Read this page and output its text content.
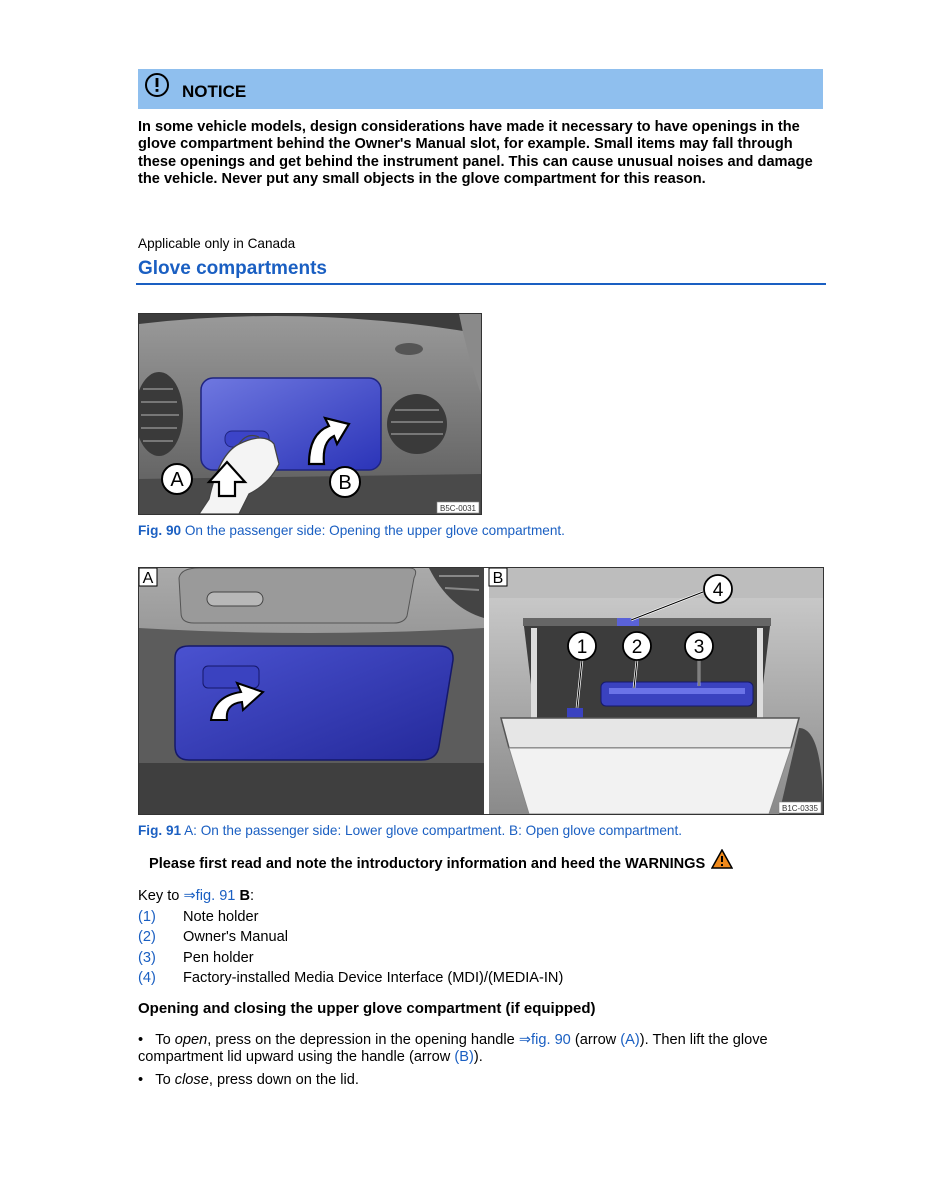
NOTICE
In some vehicle models, design considerations have made it necessary to have openings in the glove compartment behind the Owner's Manual slot, for example. Small items may fall through these openings and get behind the instrument panel. This can cause unusual noises and damage the vehicle. Never put any small objects in the glove compartment for this reason.
Applicable only in Canada
Glove compartments
A	B
B5C-0031
Fig. 90 On the passenger side: Opening the upper glove compartment.
A
1 2	3
4
B
B1C-0335
Fig. 91 A: On the passenger side: Lower glove compartment. B: Open glove compartment.
Please first read and note the introductory information and heed the WARNINGS
Key to ⇒fig. 91 B:
(1)	Note holder
(2)	Owner's Manual
(3)	Pen holder
(4)	Factory-installed Media Device Interface (MDI)/(MEDIA-IN)
Opening and closing the upper glove compartment (if equipped)
•   To open, press on the depression in the opening handle ⇒fig. 90 (arrow (A)). Then lift the glove compartment lid upward using the handle (arrow (B)).
•   To close, press down on the lid.
